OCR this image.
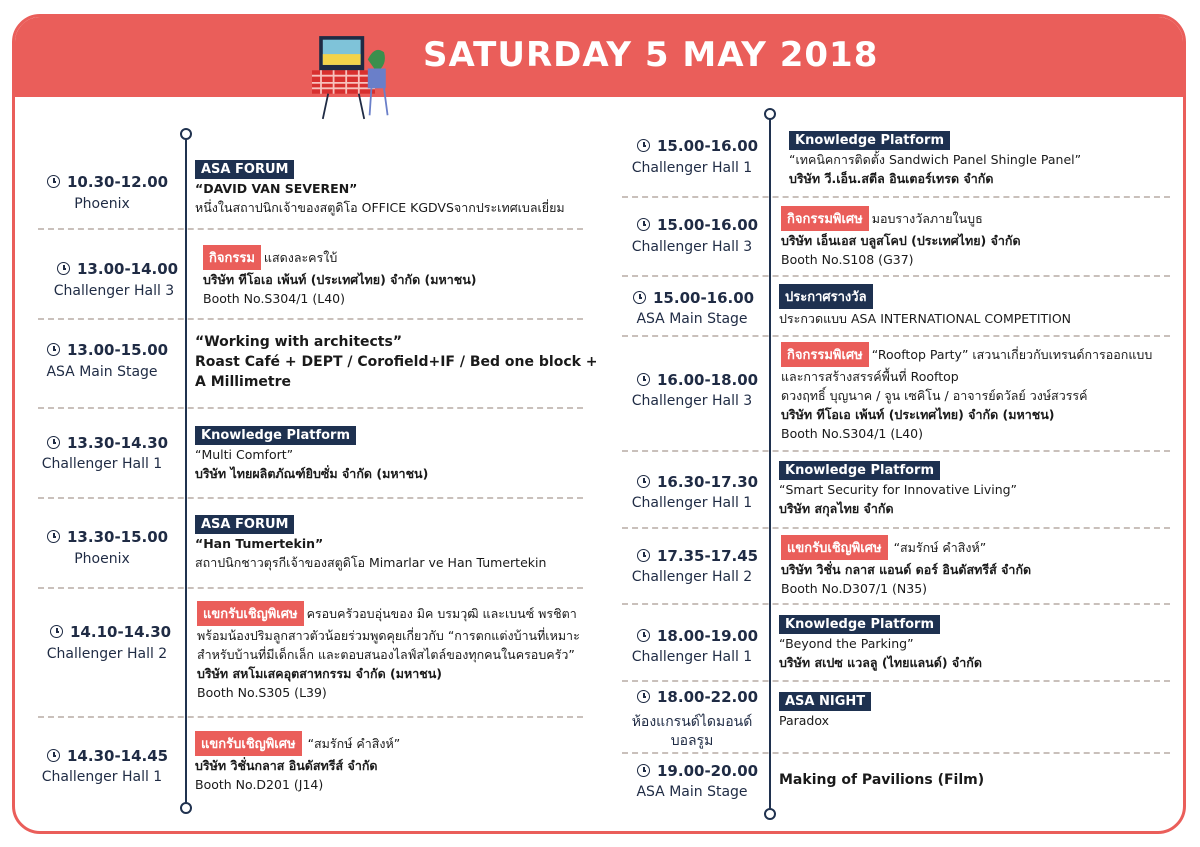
SATURDAY 5 MAY 2018
10.30-12.00
Phoenix
ASA FORUM
“DAVID VAN SEVEREN”
หนึ่งในสถาปนิกเจ้าของสตูดิโอ OFFICE KGDVSจากประเทศเบลเยี่ยม
13.00-14.00
Challenger Hall 3
กิจกรรม แสดงละครใบ้
บริษัท ทีโอเอ เพ้นท์ (ประเทศไทย) จำกัด (มหาชน)
Booth No.S304/1 (L40)
13.00-15.00
ASA Main Stage
“Working with architects”
Roast Café + DEPT / Corofield+IF / Bed one block +
A Millimetre
13.30-14.30
Challenger Hall 1
Knowledge Platform
“Multi Comfort”
บริษัท ไทยผลิตภัณฑ์ยิบซั่ม จำกัด (มหาชน)
13.30-15.00
Phoenix
ASA FORUM
“Han Tumertekin”
สถาปนิกชาวตุรกีเจ้าของสตูดิโอ Mimarlar ve Han Tumertekin
14.10-14.30
Challenger Hall 2
แขกรับเชิญพิเศษ ครอบครัวอบอุ่นของ มิค บรมวุฒิ และเบนซ์ พรชิตา
พร้อมน้องปริมลูกสาวตัวน้อยร่วมพูดคุยเกี่ยวกับ “การตกแต่งบ้านที่เหมาะ
สำหรับบ้านที่มีเด็กเล็ก และตอบสนองไลฟ์สไตล์ของทุกคนในครอบครัว”
บริษัท สหโมเสคอุตสาหกรรม จำกัด (มหาชน)
Booth No.S305 (L39)
14.30-14.45
Challenger Hall 1
แขกรับเชิญพิเศษ “สมรักษ์ คำสิงห์”
บริษัท วิชั่นกลาส อินดัสทรีส์ จำกัด
Booth No.D201 (J14)
15.00-16.00
Challenger Hall 1
Knowledge Platform
“เทคนิคการติดตั้ง Sandwich Panel Shingle Panel”
บริษัท วี.เอ็น.สตีล อินเตอร์เทรด จำกัด
15.00-16.00
Challenger Hall 3
กิจกรรมพิเศษ มอบรางวัลภายในบูธ
บริษัท เอ็นเอส บลูสโคป (ประเทศไทย) จำกัด
Booth No.S108 (G37)
15.00-16.00
ASA Main Stage
ประกาศรางวัล
ประกวดแบบ ASA INTERNATIONAL COMPETITION
16.00-18.00
Challenger Hall 3
กิจกรรมพิเศษ “Rooftop Party” เสวนาเกี่ยวกับเทรนด์การออกแบบ
และการสร้างสรรค์พื้นที่ Rooftop
ดวงฤทธิ์ บุญนาค / จูน เซคิโน / อาจารย์ดวัลย์ วงษ์สวรรค์
บริษัท ทีโอเอ เพ้นท์ (ประเทศไทย) จำกัด (มหาชน)
Booth No.S304/1 (L40)
16.30-17.30
Challenger Hall 1
Knowledge Platform
“Smart Security for Innovative Living”
บริษัท สกุลไทย จำกัด
17.35-17.45
Challenger Hall 2
แขกรับเชิญพิเศษ “สมรักษ์ คำสิงห์”
บริษัท วิชั่น กลาส แอนด์ ดอร์ อินดัสทรีส์ จำกัด
Booth No.D307/1 (N35)
18.00-19.00
Challenger Hall 1
Knowledge Platform
“Beyond the Parking”
บริษัท สเปซ แวลลู (ไทยแลนด์) จำกัด
18.00-22.00
ห้องแกรนด์ไดมอนด์
บอลรูม
ASA NIGHT
Paradox
19.00-20.00
ASA Main Stage
Making of Pavilions (Film)
